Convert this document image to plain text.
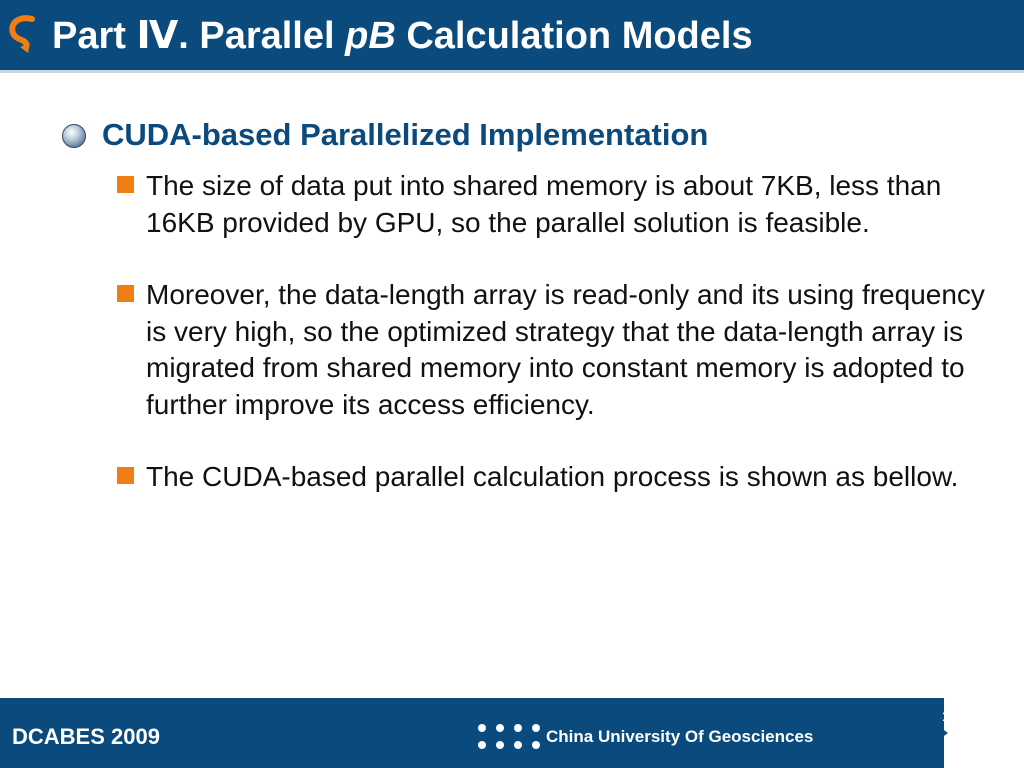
Part Ⅳ. Parallel pB Calculation Models
CUDA-based Parallelized Implementation
The size of data put into shared memory is about 7KB, less than 16KB provided by GPU, so the parallel solution is feasible.
Moreover, the data-length array is read-only and its using frequency is very high, so the optimized strategy that the data-length array is migrated from shared memory into constant memory is adopted to further improve its access efficiency.
The CUDA-based parallel calculation process is shown as bellow.
DCABES 2009	China University Of Geosciences
19
